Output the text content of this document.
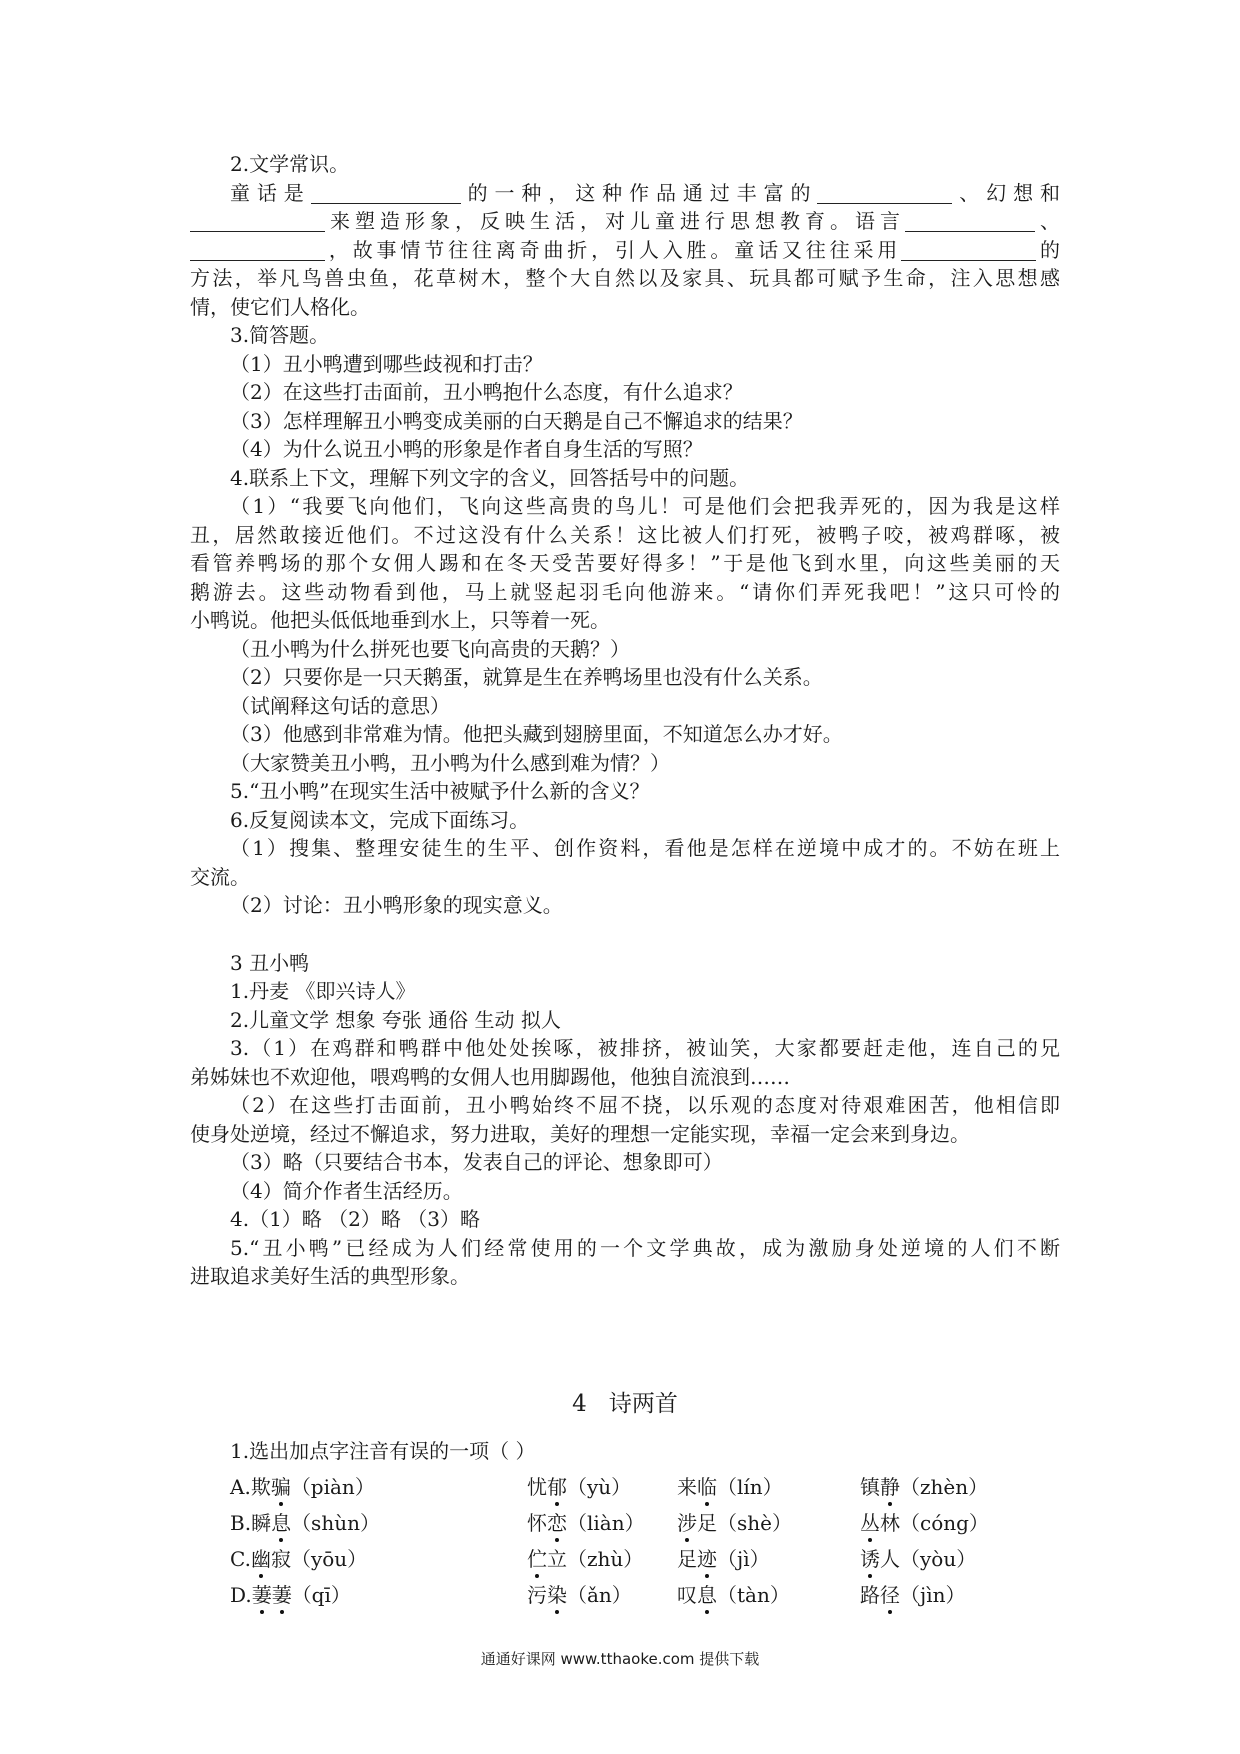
2.文学常识。

童话是	的一种，这种作品通过丰富的	、幻想和

来塑造形象，反映生活，对儿童进行思想教育。语言	、

，故事情节往往离奇曲折，引人入胜。童话又往往采用	的

方法，举凡鸟兽虫鱼，花草树木，整个大自然以及家具、玩具都可赋予生命，注入思想感

情，使它们人格化。

3.简答题。

（1）丑小鸭遭到哪些歧视和打击？

（2）在这些打击面前，丑小鸭抱什么态度，有什么追求？

（3）怎样理解丑小鸭变成美丽的白天鹅是自己不懈追求的结果？

（4）为什么说丑小鸭的形象是作者自身生活的写照？

4.联系上下文，理解下列文字的含义，回答括号中的问题。

（1）“我要飞向他们，飞向这些高贵的鸟儿！可是他们会把我弄死的，因为我是这样

丑，居然敢接近他们。不过这没有什么关系！这比被人们打死，被鸭子咬，被鸡群啄，被

看管养鸭场的那个女佣人踢和在冬天受苦要好得多！”于是他飞到水里，向这些美丽的天

鹅游去。这些动物看到他，马上就竖起羽毛向他游来。“请你们弄死我吧！”这只可怜的

小鸭说。他把头低低地垂到水上，只等着一死。

（丑小鸭为什么拼死也要飞向高贵的天鹅？）

（2）只要你是一只天鹅蛋，就算是生在养鸭场里也没有什么关系。

（试阐释这句话的意思）

（3）他感到非常难为情。他把头藏到翅膀里面，不知道怎么办才好。

（大家赞美丑小鸭，丑小鸭为什么感到难为情？）

5.“丑小鸭”在现实生活中被赋予什么新的含义？

6.反复阅读本文，完成下面练习。

（1）搜集、整理安徒生的生平、创作资料，看他是怎样在逆境中成才的。不妨在班上

交流。

（2）讨论：丑小鸭形象的现实意义。

3 丑小鸭

1.丹麦 《即兴诗人》

2.儿童文学 想象 夸张 通俗 生动 拟人

3.（1）在鸡群和鸭群中他处处挨啄，被排挤，被讪笑，大家都要赶走他，连自己的兄

弟姊妹也不欢迎他，喂鸡鸭的女佣人也用脚踢他，他独自流浪到……

（2）在这些打击面前，丑小鸭始终不屈不挠，以乐观的态度对待艰难困苦，他相信即

使身处逆境，经过不懈追求，努力进取，美好的理想一定能实现，幸福一定会来到身边。

（3）略（只要结合书本，发表自己的评论、想象即可）

（4）简介作者生活经历。

4.（1）略 （2）略 （3）略

5.“丑小鸭”已经成为人们经常使用的一个文学典故，成为激励身处逆境的人们不断

进取追求美好生活的典型形象。

4 诗两首

1.选出加点字注音有误的一项（ ）

A.欺骗（piàn）	忧郁（yù）	来临（lín）	镇静（zhèn）
B.瞬息（shùn）	怀恋（liàn）	涉足（shè）	丛林（cóng）
C.幽寂（yōu）	伫立（zhù）	足迹（jì）	诱人（yòu）
D.萋萋（qī）	污染（ǎn）	叹息（tàn）	路径（jìn）
通通好课网 www.tthaoke.com 提供下载
